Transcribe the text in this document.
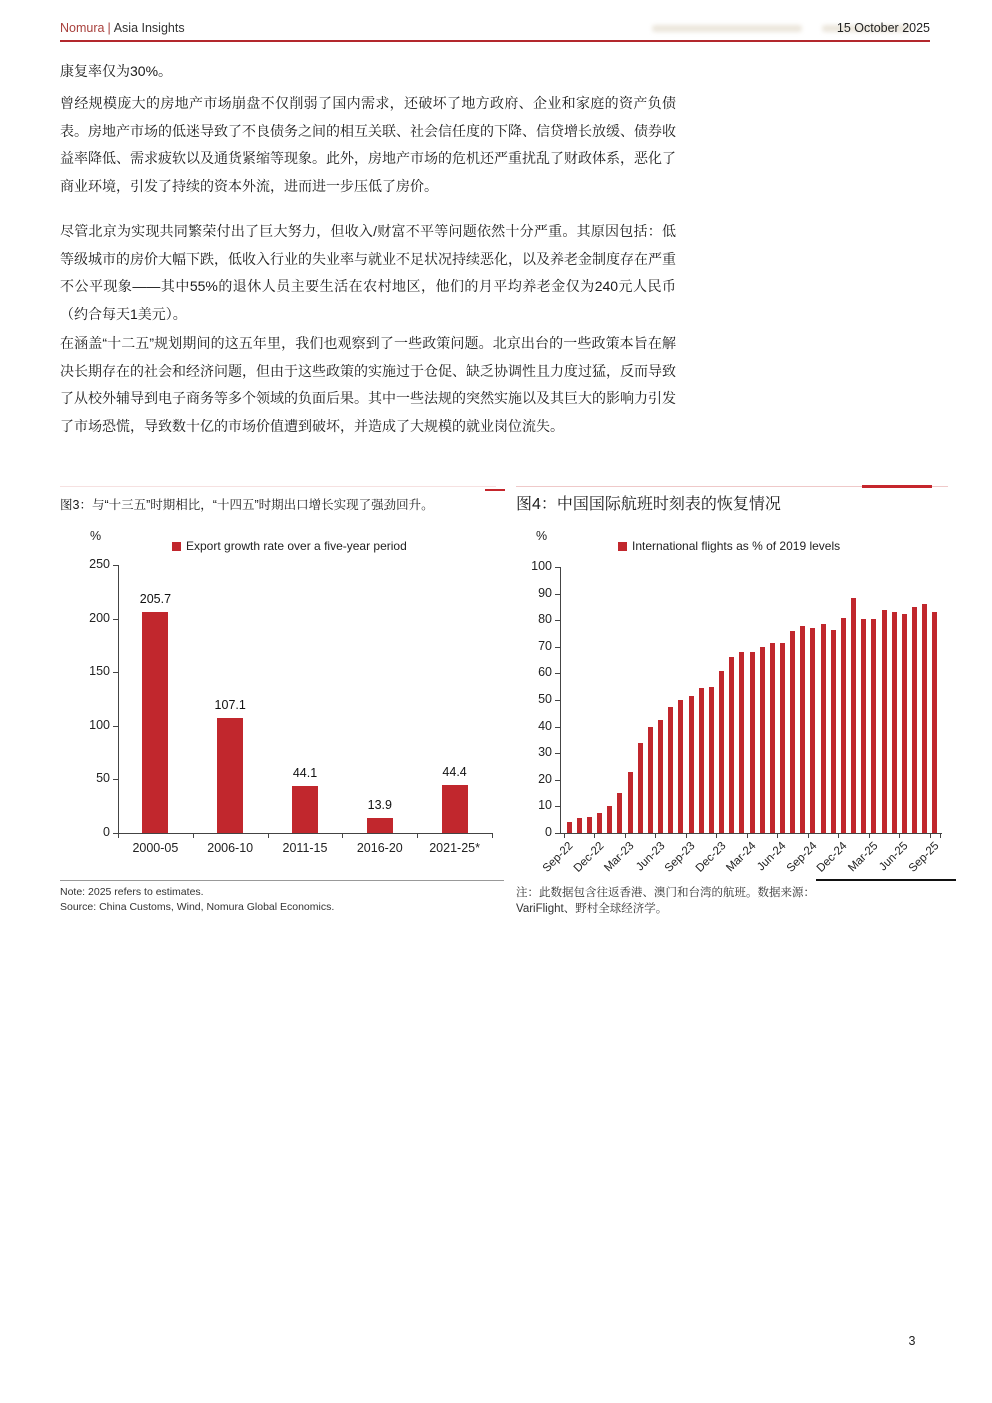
Nomura | Asia Insights	15 October 2025

康复率仅为30%。

曾经规模庞大的房地产市场崩盘不仅削弱了国内需求，还破坏了地方政府、企业和家庭的资产负债表。房地产市场的低迷导致了不良债务之间的相互关联、社会信任度的下降、信贷增长放缓、债券收益率降低、需求疲软以及通货紧缩等现象。此外，房地产市场的危机还严重扰乱了财政体系，恶化了商业环境，引发了持续的资本外流，进而进一步压低了房价。

尽管北京为实现共同繁荣付出了巨大努力，但收入/财富不平等问题依然十分严重。其原因包括：低等级城市的房价大幅下跌，低收入行业的失业率与就业不足状况持续恶化，以及养老金制度存在严重不公平现象——其中55%的退休人员主要生活在农村地区，他们的月平均养老金仅为240元人民币（约合每天1美元）。

在涵盖“十二五”规划期间的这五年里，我们也观察到了一些政策问题。北京出台的一些政策本旨在解决长期存在的社会和经济问题，但由于这些政策的实施过于仓促、缺乏协调性且力度过猛，反而导致了从校外辅导到电子商务等多个领域的负面后果。其中一些法规的突然实施以及其巨大的影响力引发了市场恐慌，导致数十亿的市场价值遭到破坏，并造成了大规模的就业岗位流失。

图3：与“十三五”时期相比，“十四五”时期出口增长实现了强劲回升。
%
Export growth rate over a five-year period
0
50
100
150
200
250
205.7
2000-05
107.1
2006-10
44.1
2011-15
13.9
2016-20
44.4
2021-25*

Note: 2025 refers to estimates.

Source: China Customs, Wind, Nomura Global Economics.

图4：中国国际航班时刻表的恢复情况
%
International flights as % of 2019 levels
0
10
20
30
40
50
60
70
80
90
100
Sep-22
Dec-22
Mar-23
Jun-23
Sep-23
Dec-23
Mar-24
Jun-24
Sep-24
Dec-24
Mar-25
Jun-25
Sep-25

注：此数据包含往返香港、澳门和台湾的航班。数据来源：VariFlight、野村全球经济学。

3
